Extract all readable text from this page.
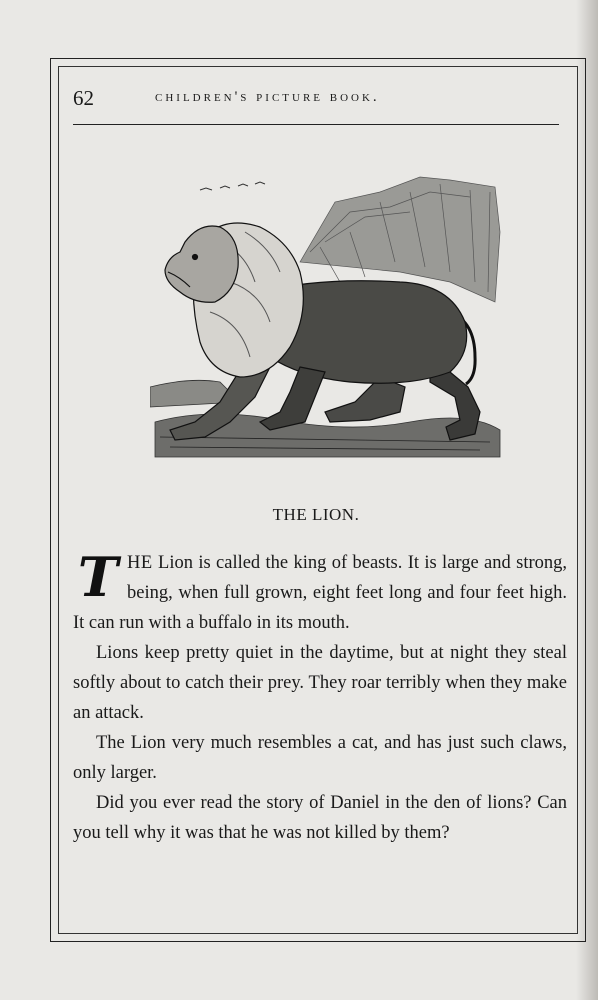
62	children's picture book.
THE LION.

THE Lion is called the king of beasts. It is large and strong, being, when full grown, eight feet long and four feet high. It can run with a buffalo in its mouth.

Lions keep pretty quiet in the daytime, but at night they steal softly about to catch their prey. They roar terribly when they make an attack.

The Lion very much resembles a cat, and has just such claws, only larger.

Did you ever read the story of Daniel in the den of lions? Can you tell why it was that he was not killed by them?
